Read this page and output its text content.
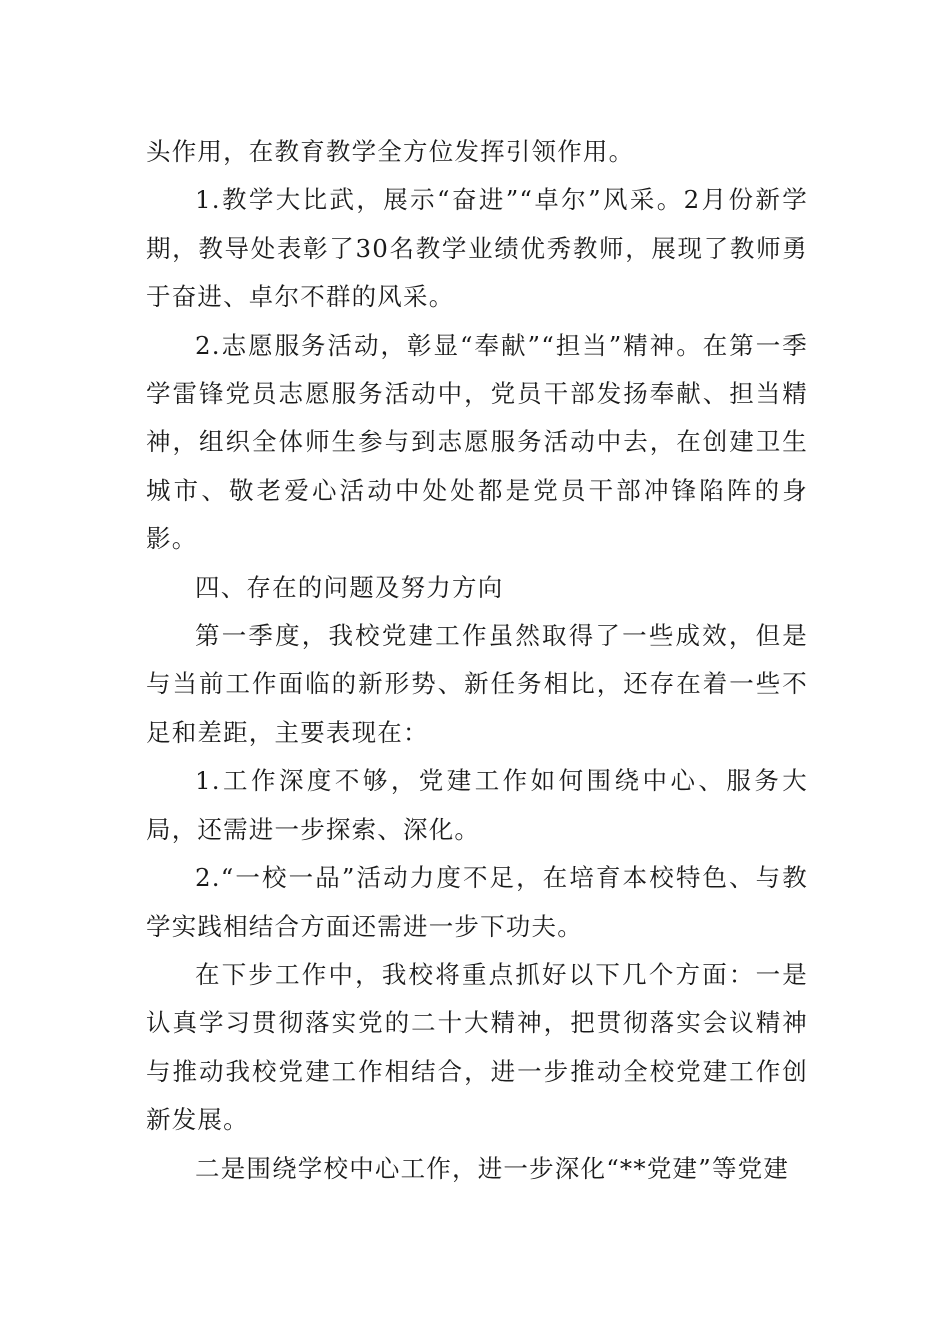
头作用，在教育教学全方位发挥引领作用。

1.教学大比武，展示“奋进”“卓尔”风采。2月份新学期，教导处表彰了30名教学业绩优秀教师，展现了教师勇于奋进、卓尔不群的风采。

2.志愿服务活动，彰显“奉献”“担当”精神。在第一季学雷锋党员志愿服务活动中，党员干部发扬奉献、担当精神，组织全体师生参与到志愿服务活动中去，在创建卫生城市、敬老爱心活动中处处都是党员干部冲锋陷阵的身影。

四、存在的问题及努力方向

第一季度，我校党建工作虽然取得了一些成效，但是与当前工作面临的新形势、新任务相比，还存在着一些不足和差距，主要表现在：

1.工作深度不够，党建工作如何围绕中心、服务大局，还需进一步探索、深化。

2.“一校一品”活动力度不足，在培育本校特色、与教学实践相结合方面还需进一步下功夫。

在下步工作中，我校将重点抓好以下几个方面：一是认真学习贯彻落实党的二十大精神，把贯彻落实会议精神与推动我校党建工作相结合，进一步推动全校党建工作创新发展。

二是围绕学校中心工作，进一步深化“**党建”等党建
